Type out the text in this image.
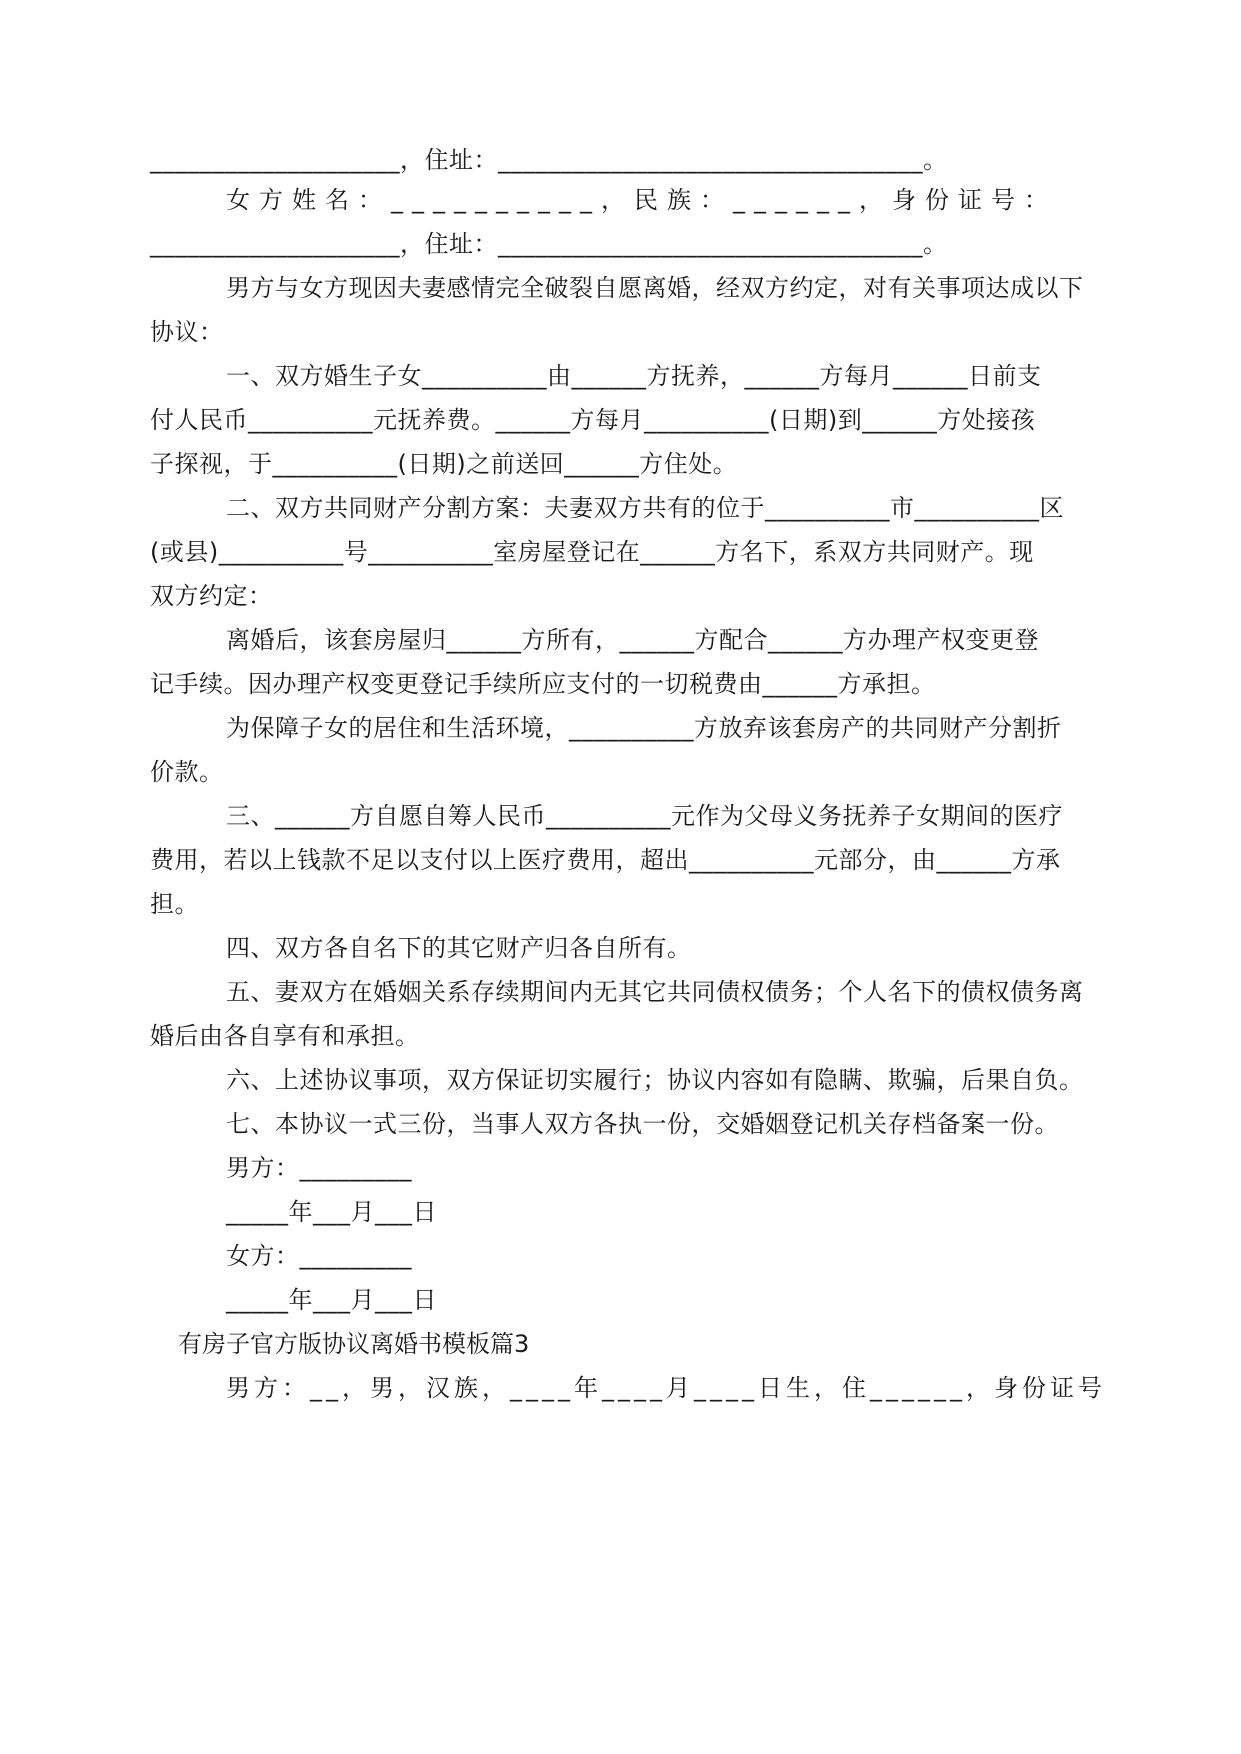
____________________，住址：__________________________________。
女方姓名：__________，民族：______，身份证号：
____________________，住址：__________________________________。
男方与女方现因夫妻感情完全破裂自愿离婚，经双方约定，对有关事项达成以下
协议：
一、双方婚生子女__________由______方抚养，______方每月______日前支
付人民币__________元抚养费。______方每月__________(日期)到______方处接孩
子探视，于__________(日期)之前送回______方住处。
二、双方共同财产分割方案：夫妻双方共有的位于__________市__________区
(或县)__________号__________室房屋登记在______方名下，系双方共同财产。现
双方约定：
离婚后，该套房屋归______方所有，______方配合______方办理产权变更登
记手续。因办理产权变更登记手续所应支付的一切税费由______方承担。
为保障子女的居住和生活环境，__________方放弃该套房产的共同财产分割折
价款。
三、______方自愿自筹人民币__________元作为父母义务抚养子女期间的医疗
费用，若以上钱款不足以支付以上医疗费用，超出__________元部分，由______方承
担。
四、双方各自名下的其它财产归各自所有。
五、妻双方在婚姻关系存续期间内无其它共同债权债务；个人名下的债权债务离
婚后由各自享有和承担。
六、上述协议事项，双方保证切实履行；协议内容如有隐瞒、欺骗，后果自负。
七、本协议一式三份，当事人双方各执一份，交婚姻登记机关存档备案一份。
男方：_________
_____年___月___日
女方：_________
_____年___月___日
有房子官方版协议离婚书模板篇3
男方：__，男，汉族，____年____月____日生，住______，身份证号
